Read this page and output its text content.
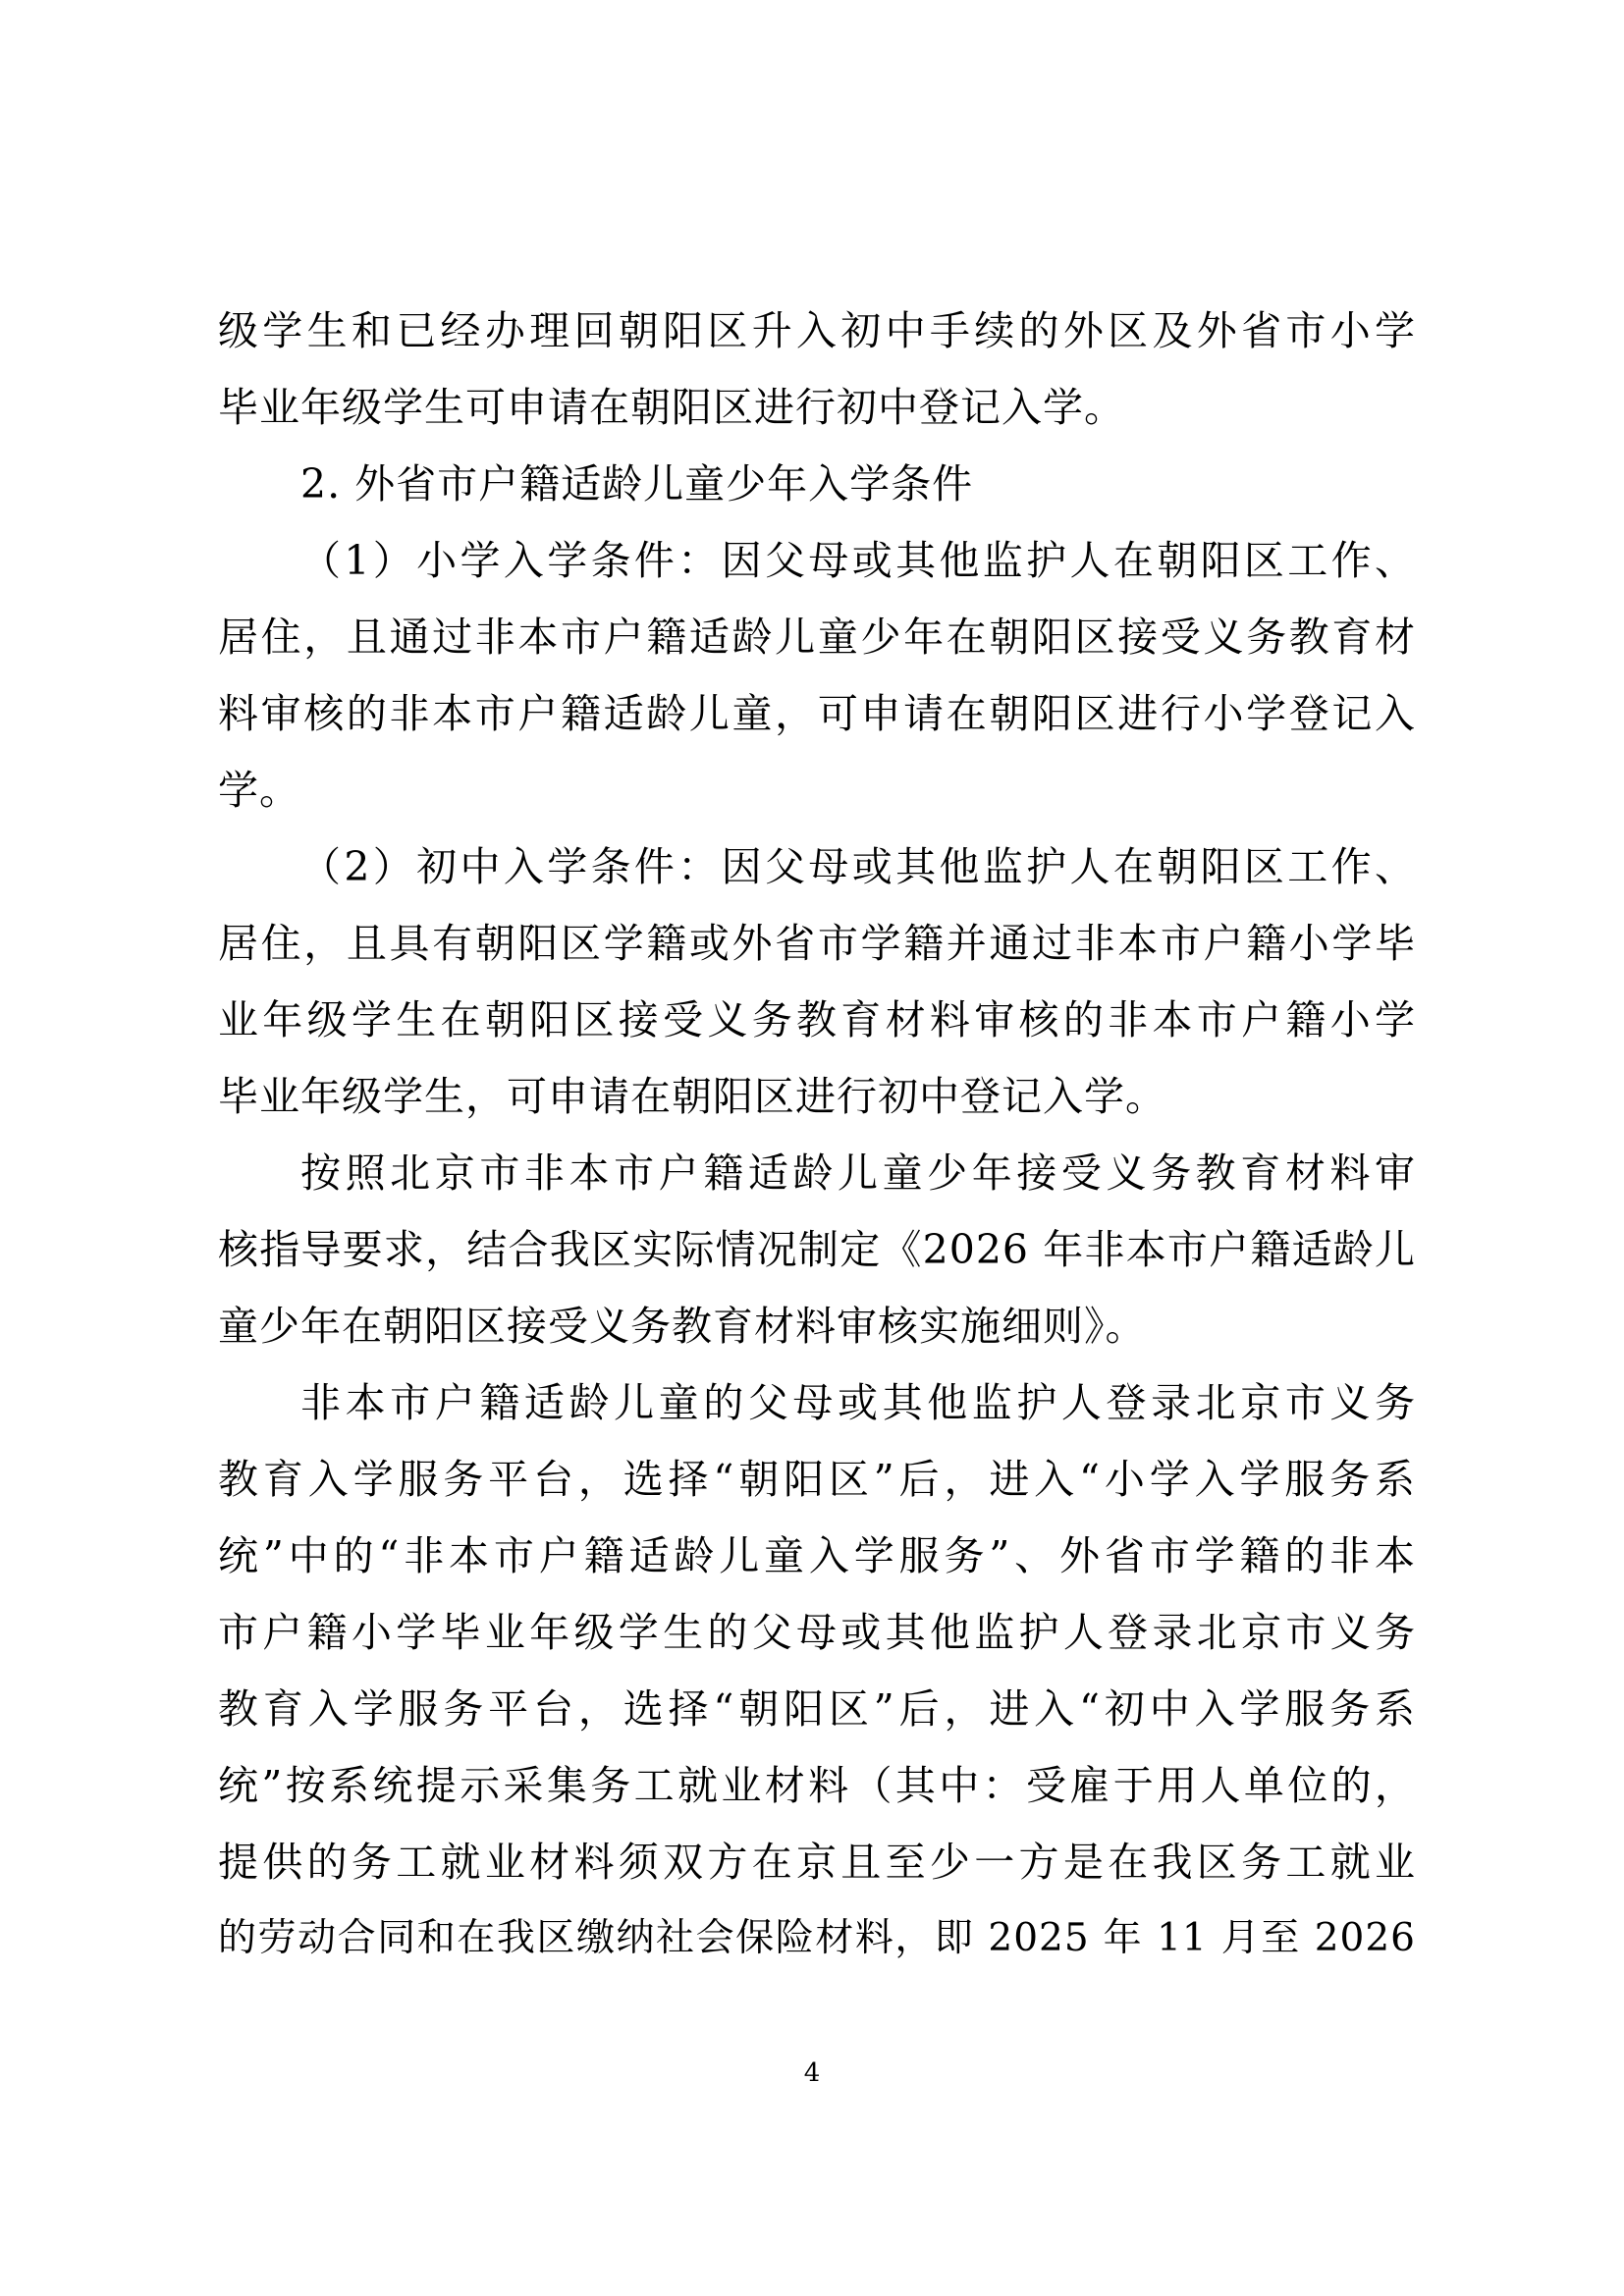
级学生和已经办理回朝阳区升入初中手续的外区及外省市小学
毕业年级学生可申请在朝阳区进行初中登记入学。
2. 外省市户籍适龄儿童少年入学条件
（1）小学入学条件：因父母或其他监护人在朝阳区工作、
居住，且通过非本市户籍适龄儿童少年在朝阳区接受义务教育材
料审核的非本市户籍适龄儿童，可申请在朝阳区进行小学登记入
学。
（2）初中入学条件：因父母或其他监护人在朝阳区工作、
居住，且具有朝阳区学籍或外省市学籍并通过非本市户籍小学毕
业年级学生在朝阳区接受义务教育材料审核的非本市户籍小学
毕业年级学生，可申请在朝阳区进行初中登记入学。
按照北京市非本市户籍适龄儿童少年接受义务教育材料审
核指导要求，结合我区实际情况制定《2026 年非本市户籍适龄儿
童少年在朝阳区接受义务教育材料审核实施细则》。
非本市户籍适龄儿童的父母或其他监护人登录北京市义务
教育入学服务平台，选择“朝阳区”后，进入“小学入学服务系
统”中的“非本市户籍适龄儿童入学服务”、外省市学籍的非本
市户籍小学毕业年级学生的父母或其他监护人登录北京市义务
教育入学服务平台，选择“朝阳区”后，进入“初中入学服务系
统”按系统提示采集务工就业材料（其中：受雇于用人单位的，
提供的务工就业材料须双方在京且至少一方是在我区务工就业
的劳动合同和在我区缴纳社会保险材料，即 2025 年 11 月至 2026
4
